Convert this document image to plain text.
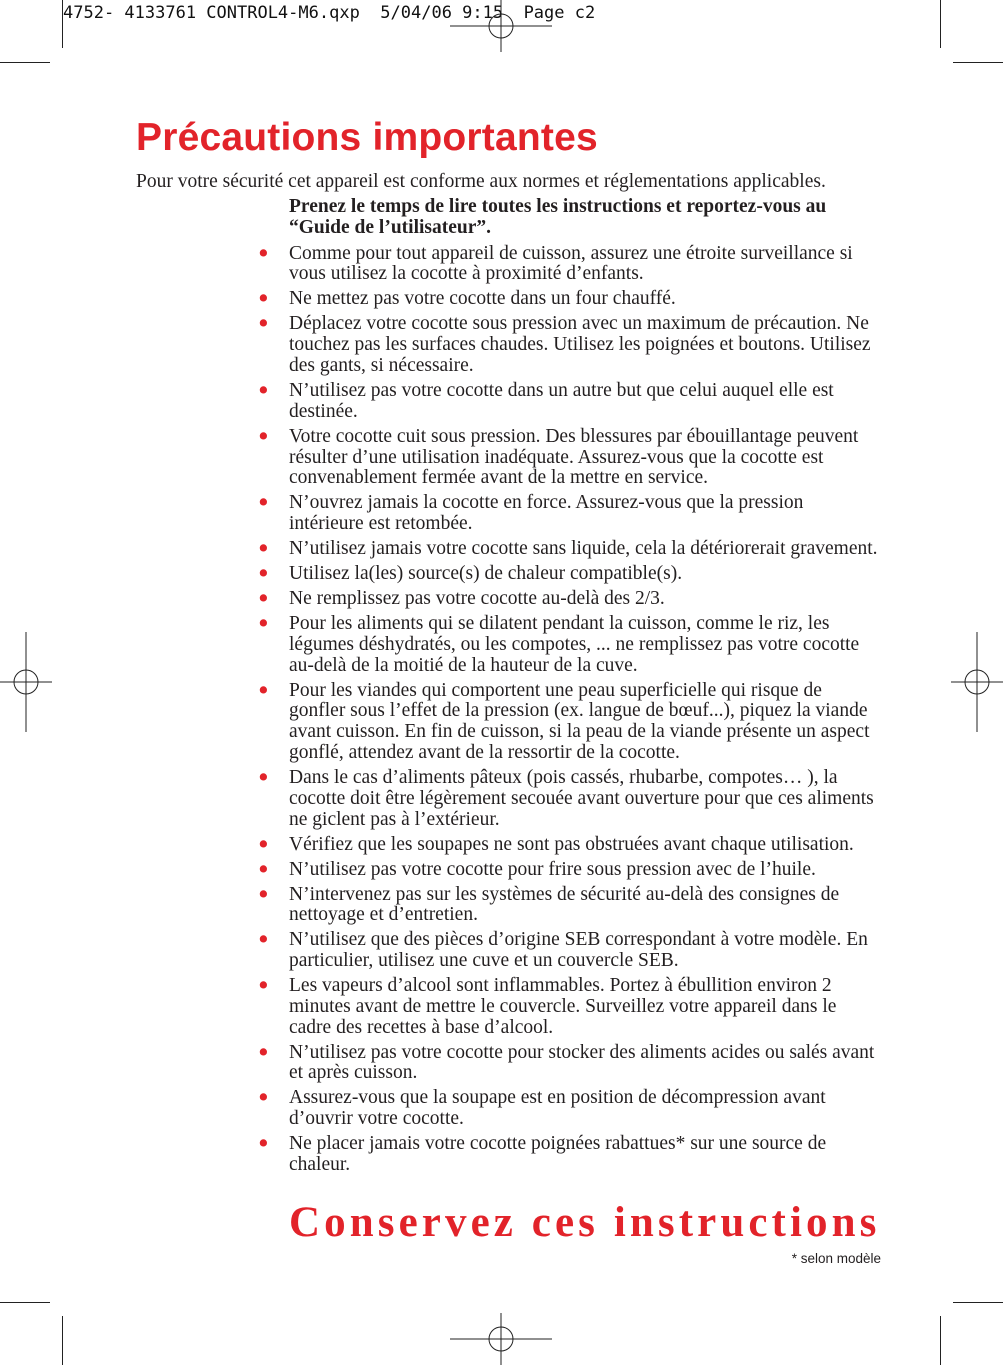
4752- 4133761 CONTROL4-M6.qxp  5/04/06 9:15  Page c2
Précautions importantes
Pour votre sécurité cet appareil est conforme aux normes et réglementations applicables.

Prenez le temps de lire toutes les instructions et reportez-vous au “Guide de l’utilisateur”.

• Comme pour tout appareil de cuisson, assurez une étroite surveillance si vous utilisez la cocotte à proximité d’enfants.
• Ne mettez pas votre cocotte dans un four chauffé.
• Déplacez votre cocotte sous pression avec un maximum de précaution. Ne touchez pas les surfaces chaudes. Utilisez les poignées et boutons. Utilisez des gants, si nécessaire.
• N’utilisez pas votre cocotte dans un autre but que celui auquel elle est destinée.
• Votre cocotte cuit sous pression. Des blessures par ébouillantage peuvent résulter d’une utilisation inadéquate. Assurez-vous que la cocotte est convenablement fermée avant de la mettre en service.
• N’ouvrez jamais la cocotte en force. Assurez-vous que la pression intérieure est retombée.
• N’utilisez jamais votre cocotte sans liquide, cela la détériorerait gravement.
• Utilisez la(les) source(s) de chaleur compatible(s).
• Ne remplissez pas votre cocotte au-delà des 2/3.
• Pour les aliments qui se dilatent pendant la cuisson, comme le riz, les légumes déshydratés, ou les compotes, ... ne remplissez pas votre cocotte au-delà de la moitié de la hauteur de la cuve.
• Pour les viandes qui comportent une peau superficielle qui risque de gonfler sous l’effet de la pression (ex. langue de bœuf...), piquez la viande avant cuisson. En fin de cuisson, si la peau de la viande présente un aspect gonflé, attendez avant de la ressortir de la cocotte.
• Dans le cas d’aliments pâteux (pois cassés, rhubarbe, compotes… ), la cocotte doit être légèrement secouée avant ouverture pour que ces aliments ne giclent pas à l’extérieur.
• Vérifiez que les soupapes ne sont pas obstruées avant chaque utilisation.
• N’utilisez pas votre cocotte pour frire sous pression avec de l’huile.
• N’intervenez pas sur les systèmes de sécurité au-delà des consignes de nettoyage et d’entretien.
• N’utilisez que des pièces d’origine SEB correspondant à votre modèle. En particulier, utilisez une cuve et un couvercle SEB.
• Les vapeurs d’alcool sont inflammables. Portez à ébullition environ 2 minutes avant de mettre le couvercle. Surveillez votre appareil dans le cadre des recettes à base d’alcool.
• N’utilisez pas votre cocotte pour stocker des aliments acides ou salés avant et après cuisson.
• Assurez-vous que la soupape est en position de décompression avant d’ouvrir votre cocotte.
• Ne placer jamais votre cocotte poignées rabattues* sur une source de chaleur.
Conservez ces instructions
* selon modèle
